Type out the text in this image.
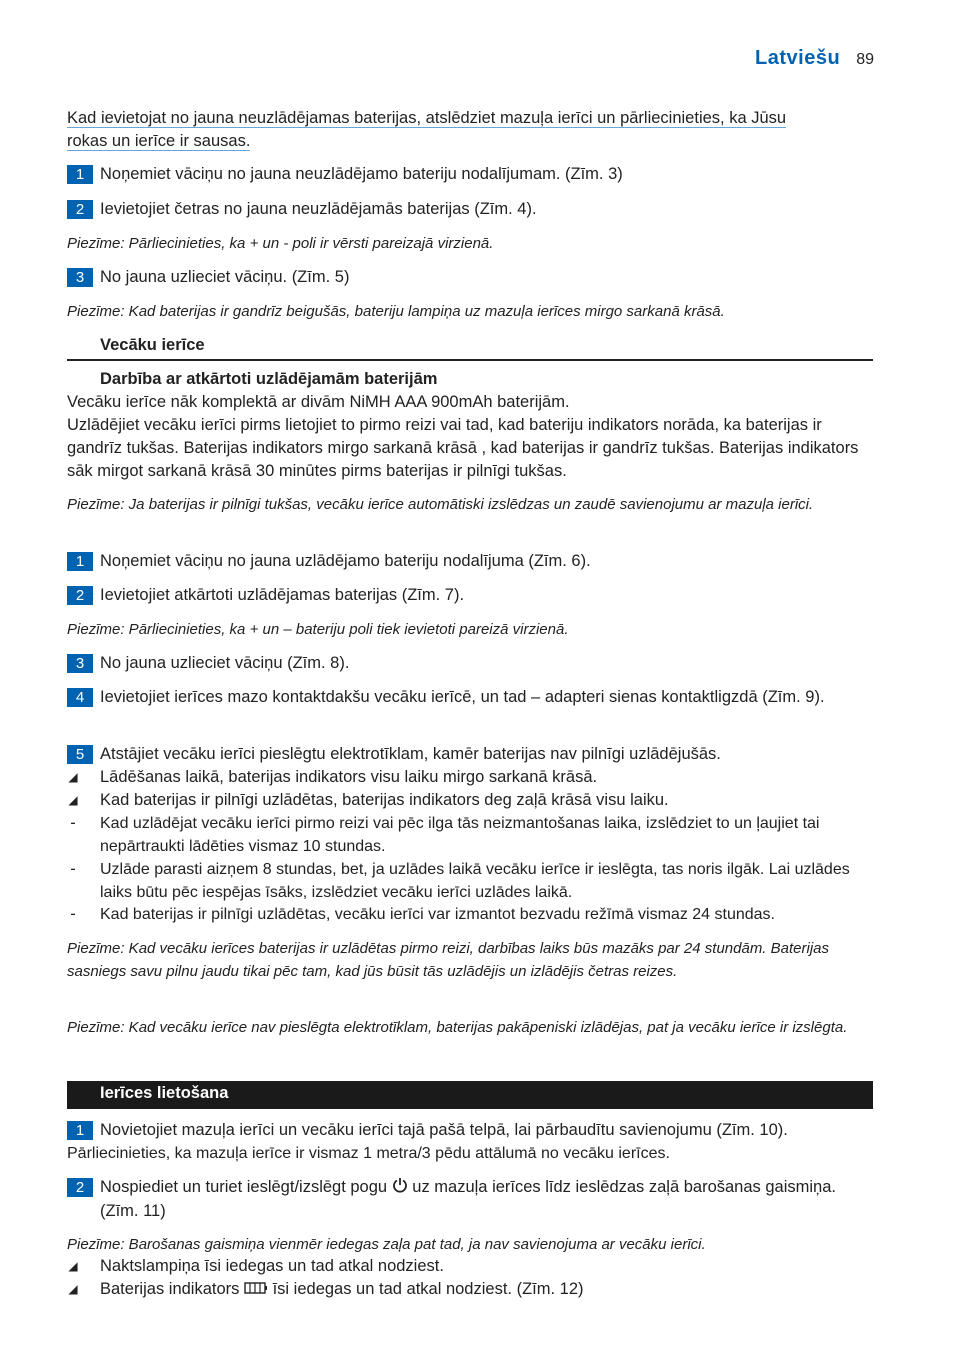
Latviešu 89
Kad ievietojat no jauna neuzlādējamas baterijas, atslēdziet mazuļa ierīci un pārliecinieties, ka Jūsu
rokas un ierīce ir sausas.
1 Noņemiet vāciņu no jauna neuzlādējamo bateriju nodalījumam. (Zīm. 3)
2 Ievietojiet četras no jauna neuzlādējamās baterijas (Zīm. 4).
Piezīme: Pārliecinieties, ka + un - poli ir vērsti pareizajā virzienā.
3 No jauna uzlieciet vāciņu. (Zīm. 5)
Piezīme: Kad baterijas ir gandrīz beigušās, bateriju lampiņa uz mazuļa ierīces mirgo sarkanā krāsā.
Vecāku ierīce
Darbība ar atkārtoti uzlādējamām baterijām
Vecāku ierīce nāk komplektā ar divām NiMH AAA 900mAh baterijām.
Uzlādējiet vecāku ierīci pirms lietojiet to pirmo reizi vai tad, kad bateriju indikators norāda, ka baterijas ir gandrīz tukšas. Baterijas indikators mirgo sarkanā krāsā , kad baterijas ir gandrīz tukšas. Baterijas indikators sāk mirgot sarkanā krāsā 30 minūtes pirms baterijas ir pilnīgi tukšas.
Piezīme: Ja baterijas ir pilnīgi tukšas, vecāku ierīce automātiski izslēdzas un zaudē savienojumu ar mazuļa ierīci.
1 Noņemiet vāciņu no jauna uzlādējamo bateriju nodalījuma (Zīm. 6).
2 Ievietojiet atkārtoti uzlādējamas baterijas (Zīm. 7).
Piezīme: Pārliecinieties, ka + un – bateriju poli tiek ievietoti pareizā virzienā.
3 No jauna uzlieciet vāciņu (Zīm. 8).
4 Ievietojiet ierīces mazo kontaktdakšu vecāku ierīcē, un tad – adapteri sienas kontaktligzdā (Zīm. 9).
5 Atstājiet vecāku ierīci pieslēgtu elektrotīklam, kamēr baterijas nav pilnīgi uzlādējušās.
◢ Lādēšanas laikā, baterijas indikators visu laiku mirgo sarkanā krāsā.
◢ Kad baterijas ir pilnīgi uzlādētas, baterijas indikators deg zaļā krāsā visu laiku.
- Kad uzlādējat vecāku ierīci pirmo reizi vai pēc ilga tās neizmantošanas laika, izslēdziet to un ļaujiet tai nepārtraukti lādēties vismaz 10 stundas.
- Uzlāde parasti aizņem 8 stundas, bet, ja uzlādes laikā vecāku ierīce ir ieslēgta, tas noris ilgāk. Lai uzlādes laiks būtu pēc iespējas īsāks, izslēdziet vecāku ierīci uzlādes laikā.
- Kad baterijas ir pilnīgi uzlādētas, vecāku ierīci var izmantot bezvadu režīmā vismaz 24 stundas.
Piezīme: Kad vecāku ierīces baterijas ir uzlādētas pirmo reizi, darbības laiks būs mazāks par 24 stundām. Baterijas sasniegs savu pilnu jaudu tikai pēc tam, kad jūs būsit tās uzlādējis un izlādējis četras reizes.
Piezīme: Kad vecāku ierīce nav pieslēgta elektrotīklam, baterijas pakāpeniski izlādējas, pat ja vecāku ierīce ir izslēgta.
Ierīces lietošana
1 Novietojiet mazuļa ierīci un vecāku ierīci tajā pašā telpā, lai pārbaudītu savienojumu (Zīm. 10).
Pārliecinieties, ka mazuļa ierīce ir vismaz 1 metra/3 pēdu attālumā no vecāku ierīces.
2 Nospiediet un turiet ieslēgt/izslēgt pogu uz mazuļa ierīces līdz ieslēdzas zaļā barošanas gaismiņa. (Zīm. 11)
Piezīme: Barošanas gaismiņa vienmēr iedegas zaļa pat tad, ja nav savienojuma ar vecāku ierīci.
◢ Naktslampiņa īsi iedegas un tad atkal nodziest.
◢ Baterijas indikators īsi iedegas un tad atkal nodziest. (Zīm. 12)
